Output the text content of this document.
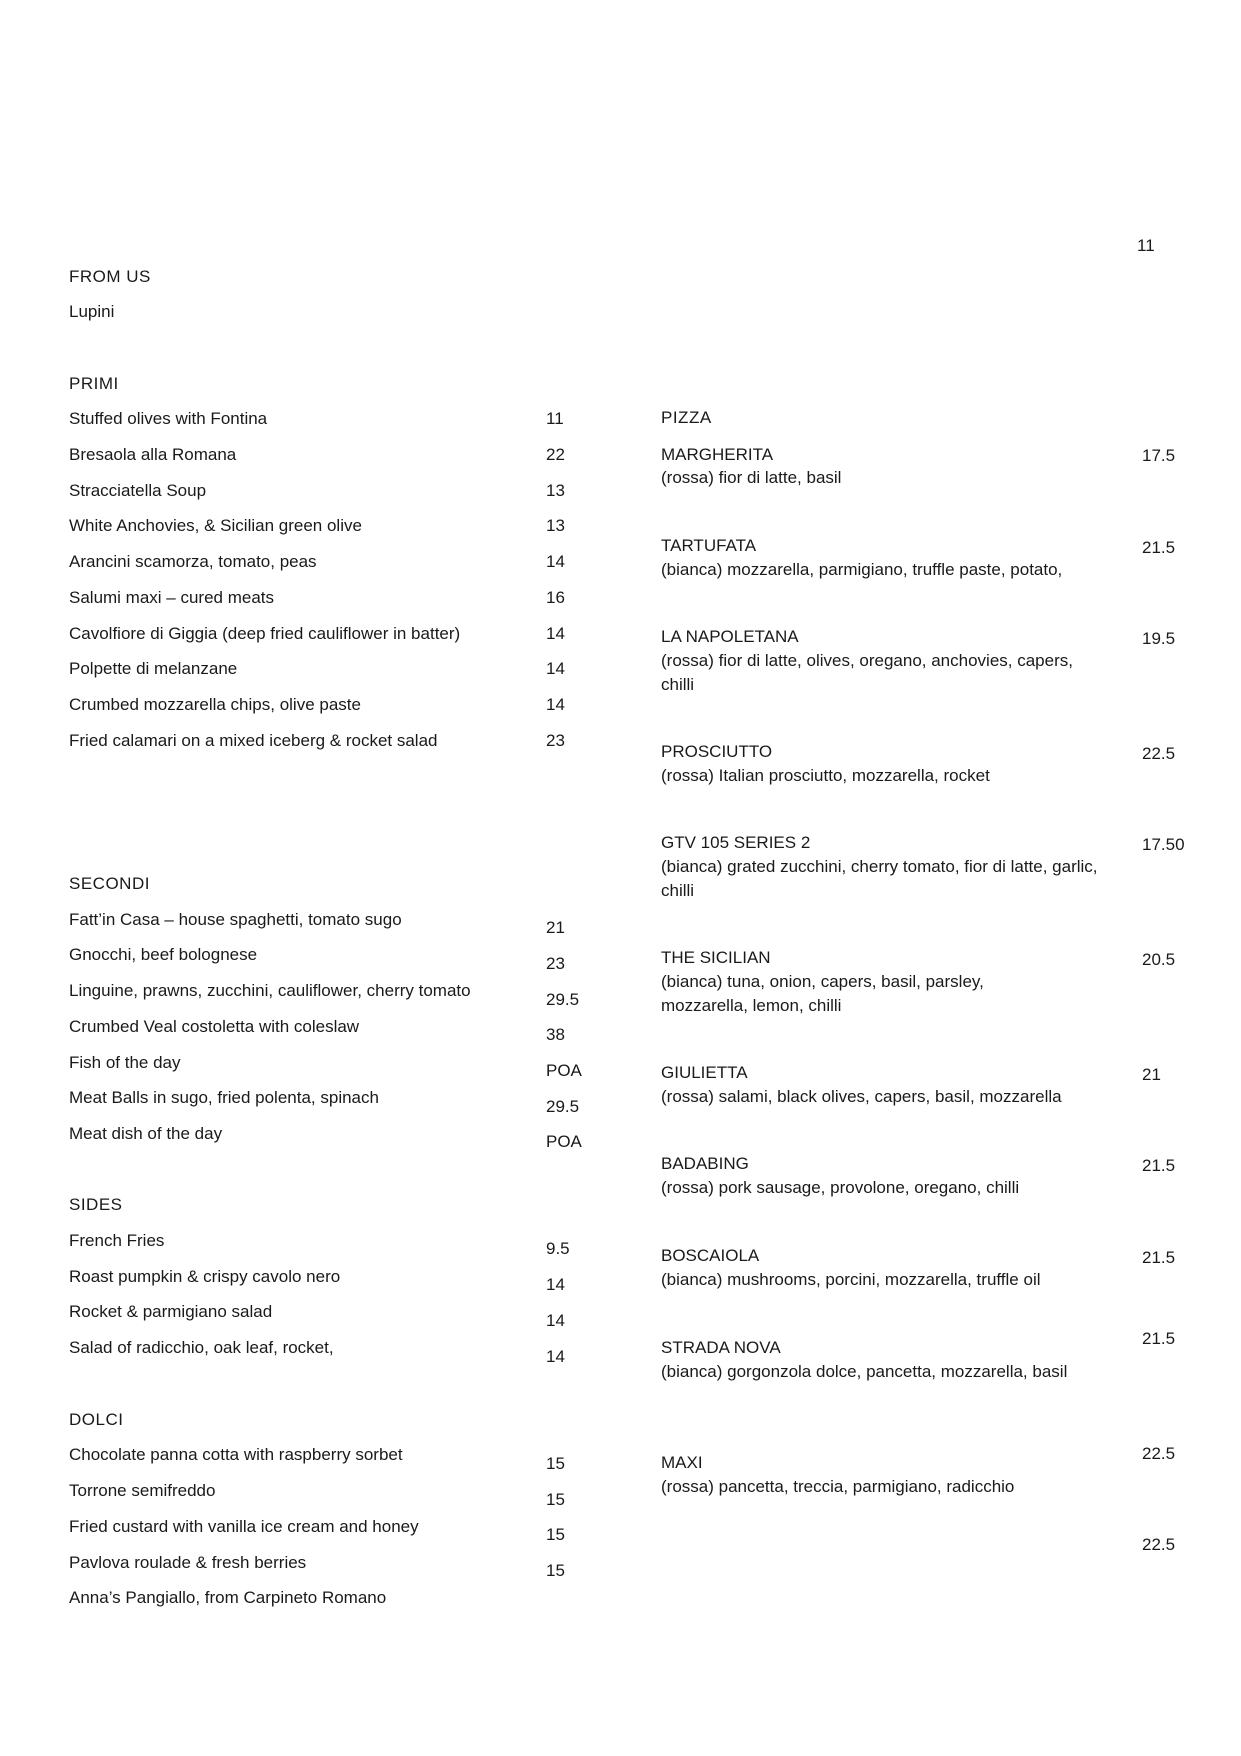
11
FROM US
Lupini
PRIMI
Stuffed olives with Fontina	11
Bresaola alla Romana	22
Stracciatella Soup	13
White Anchovies, & Sicilian green olive	13
Arancini scamorza, tomato, peas	14
Salumi maxi – cured meats	16
Cavolfiore di Giggia (deep fried cauliflower in batter)	14
Polpette di melanzane	14
Crumbed mozzarella chips, olive paste	14
Fried calamari on a mixed iceberg & rocket salad	23
SECONDI
Fatt’in Casa – house spaghetti, tomato sugo	21
Gnocchi, beef bolognese	23
Linguine, prawns, zucchini, cauliflower, cherry tomato	29.5
Crumbed Veal costoletta with coleslaw	38
Fish of the day	POA
Meat Balls in sugo, fried polenta, spinach	29.5
Meat dish of the day	POA
SIDES
French Fries	9.5
Roast pumpkin & crispy cavolo nero	14
Rocket & parmigiano salad	14
Salad of radicchio, oak leaf, rocket,	14
DOLCI
Chocolate panna cotta with raspberry sorbet	15
Torrone semifreddo	15
Fried custard with vanilla ice cream and honey	15
Pavlova roulade & fresh berries	15
Anna’s Pangiallo, from Carpineto Romano
PIZZA
MARGHERITA
(rossa) fior di latte, basil
17.5
TARTUFATA
(bianca) mozzarella, parmigiano, truffle paste, potato,
21.5
LA NAPOLETANA
(rossa) fior di latte, olives, oregano, anchovies, capers, chilli
19.5
PROSCIUTTO
(rossa) Italian prosciutto, mozzarella, rocket
22.5
GTV 105 SERIES 2
(bianca) grated zucchini, cherry tomato, fior di latte, garlic, chilli
17.50
THE SICILIAN
(bianca) tuna, onion, capers, basil, parsley, mozzarella, lemon, chilli
20.5
GIULIETTA
(rossa) salami, black olives, capers, basil, mozzarella
21
BADABING
(rossa) pork sausage, provolone, oregano, chilli
21.5
BOSCAIOLA
(bianca) mushrooms, porcini, mozzarella, truffle oil
21.5
STRADA NOVA
(bianca) gorgonzola dolce, pancetta, mozzarella, basil
21.5
MAXI
(rossa) pancetta, treccia, parmigiano, radicchio
22.5
22.5
